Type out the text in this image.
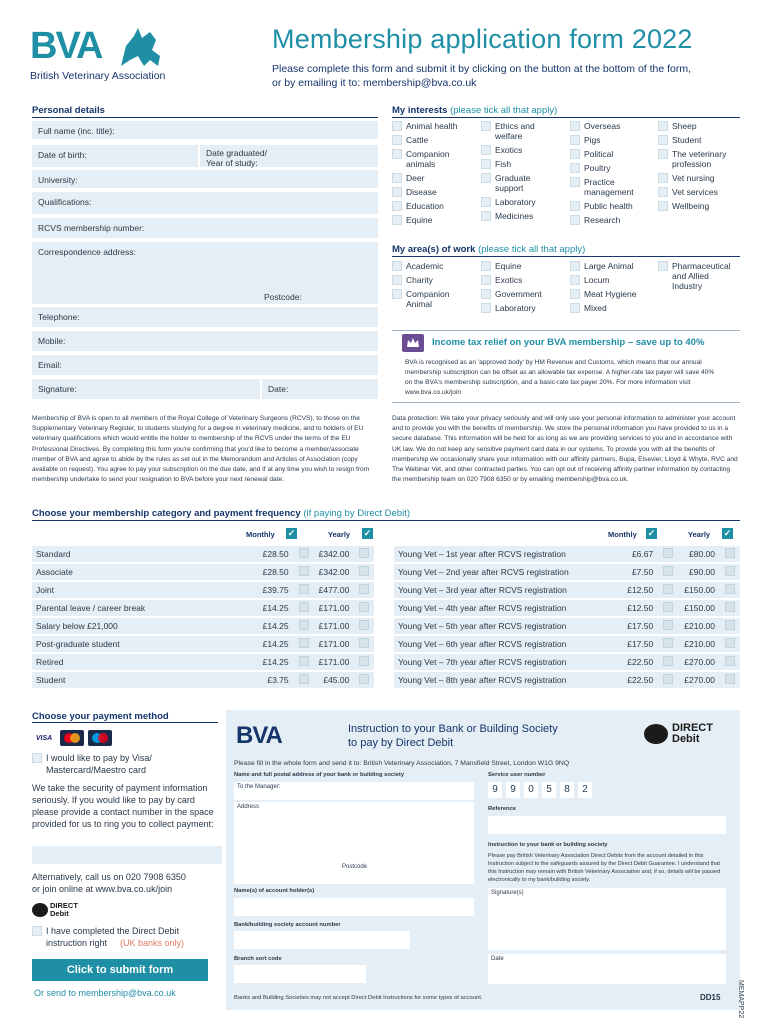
BVA
British Veterinary Association
Membership application form 2022
Please complete this form and submit it by clicking on the button at the bottom of the form,
or by emailing it to: membership@bva.co.uk
Personal details
Full name (inc. title):
Date of birth:	Date graduated/
Year of study:
University:
Qualifications:
RCVS membership number:
Correspondence address:
Postcode:
Telephone:
Mobile:
Email:
Signature:	Date:
My interests (please tick all that apply)
Animal health
Cattle
Companion
animals
Deer
Disease
Education
Equine
Ethics and
welfare
Exotics
Fish
Graduate
support
Laboratory
Medicines
Overseas
Pigs
Political
Poultry
Practice
management
Public health
Research
Sheep
Student
The veterinary
profession
Vet nursing
Vet services
Wellbeing
My area(s) of work (please tick all that apply)
Academic
Charity
Companion
Animal
Equine
Exotics
Government
Laboratory
Large Animal
Locum
Meat Hygiene
Mixed
Pharmaceutical
and Allied
Industry
Income tax relief on your BVA membership – save up to 40%
BVA is recognised as an 'approved body' by HM Revenue and Customs, which means that our annual membership subscription can be offset as an allowable tax expense. A higher-rate tax payer will save 40% on the BVA's membership subscription, and a basic-rate tax payer 20%. For more information visit www.bva.co.uk/join
Membership of BVA is open to all members of the Royal College of Veterinary Surgeons (RCVS), to those on the Supplementary Veterinary Register, to students studying for a degree in veterinary medicine, and to holders of EU veterinary qualifications which would entitle the holder to membership of the RCVS under the terms of the EU Professional Directives. By completing this form you're confirming that you'd like to become a member/associate member of BVA and agree to abide by the rules as set out in the Memorandum and Articles of Association (copy available on request). You agree to pay your subscription on the due date, and if at any time you wish to resign from membership undertake to send your resignation to BVA before your next renewal date.
Data protection: We take your privacy seriously and will only use your personal information to administer your account and to provide you with the benefits of membership. We store the personal information you have provided to us in a secure database. This information will be held for as long as we are providing services to you and in accordance with UK law. We do not keep any sensitive payment card data in our systems. To provide you with all the benefits of membership we occasionally share your information with our affinity partners, Bupa, Elsevier, Lloyd & Whyte, RVC and The Webinar Vet, and other contracted parties. You can opt out of receiving affinity partner information by contacting the membership team on 020 7908 6350 or by emailing membership@bva.co.uk.
Choose your membership category and payment frequency (if paying by Direct Debit)
Monthly ✓	Yearly ✓	Monthly ✓	Yearly ✓
Standard	£28.50		£342.00	
Associate	£28.50		£342.00	
Joint	£39.75		£477.00	
Parental leave / career break	£14.25		£171.00	
Salary below £21,000	£14.25		£171.00	
Post-graduate student	£14.25		£171.00	
Retired	£14.25		£171.00	
Student	£3.75		£45.00	
Young Vet – 1st year after RCVS registration	£6.67		£80.00	
Young Vet – 2nd year after RCVS registration	£7.50		£90.00	
Young Vet – 3rd year after RCVS registration	£12.50		£150.00	
Young Vet – 4th year after RCVS registration	£12.50		£150.00	
Young Vet – 5th year after RCVS registration	£17.50		£210.00	
Young Vet – 6th year after RCVS registration	£17.50		£210.00	
Young Vet – 7th year after RCVS registration	£22.50		£270.00	
Young Vet – 8th year after RCVS registration	£22.50		£270.00	
Choose your payment method
VISA
I would like to pay by Visa/
Mastercard/Maestro card
We take the security of payment information seriously. If you would like to pay by card please provide a contact number in the space provided for us to ring you to collect payment:
Alternatively, call us on 020 7908 6350
or join online at www.bva.co.uk/join
DIRECT
Debit
I have completed the Direct Debit
instruction right	(UK banks only)
Click to submit form
Or send to membership@bva.co.uk
BVA	Instruction to your Bank or Building Society
to pay by Direct Debit
DIRECT
Debit
Please fill in the whole form and send it to: British Veterinary Association, 7 Mansfield Street, London W1G 9NQ
Name and full postal address of your bank or building society
To the Manager:
Address
Postcode
Name(s) of account holder(s)
Bank/building society account number
Branch sort code
Banks and Building Societies may not accept Direct Debit Instructions for some types of account.
Service user number
Reference
Instruction to your bank or building society
Please pay British Veterinary Association Direct Debits from the account detailed in this Instruction subject to the safeguards assured by the Direct Debit Guarantee. I understand that this Instruction may remain with British Veterinary Association and, if so, details will be passed electronically to my bank/building society.
Signature(s)
Date
DD15
9	9	0	5	8	2
MEMAPP22
